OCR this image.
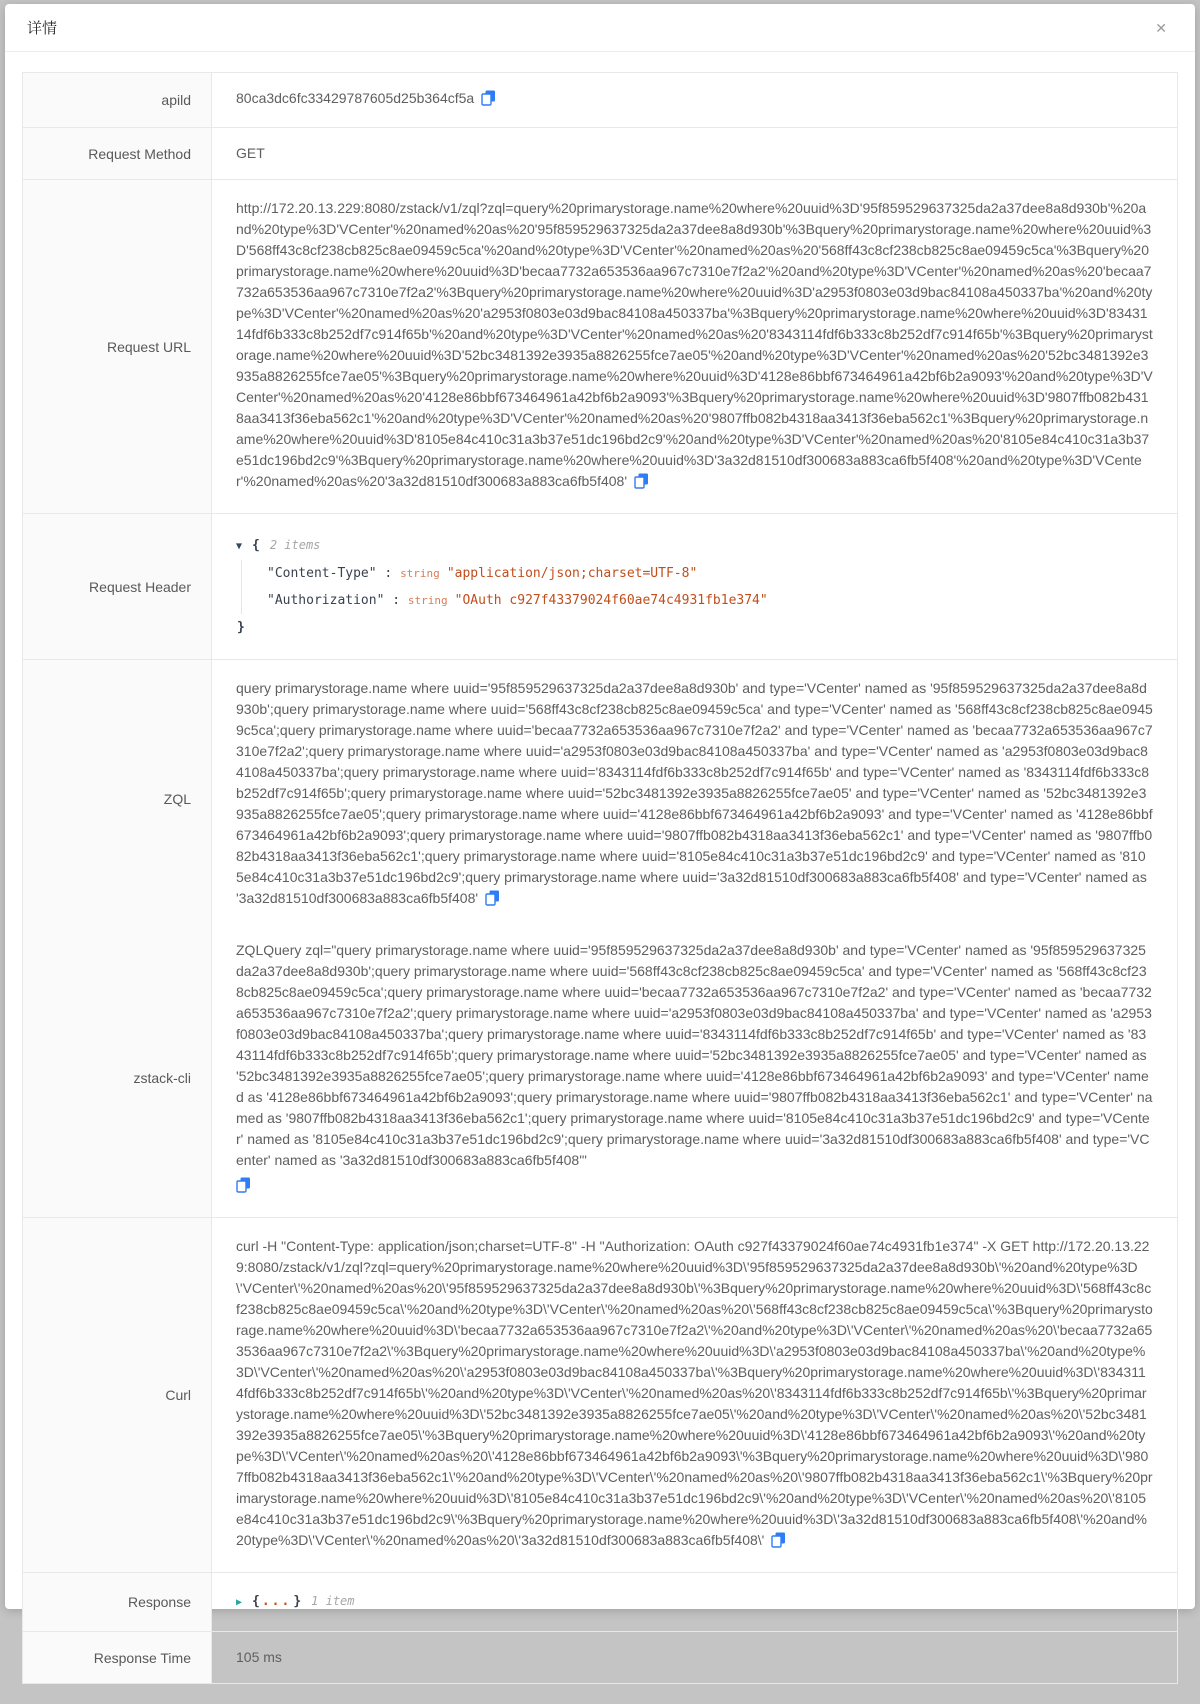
详情	✕
apild	80ca3dc6fc33429787605d25b364cf5a
Request Method	GET
Request URL	http://172.20.13.229:8080/zstack/v1/zql?zql=query%20primarystorage.name%20where%20uuid%3D'95f859529637325da2a37dee8a8d930b'%20and%20type%3D'VCenter'%20named%20as%20'95f859529637325da2a37dee8a8d930b'%3Bquery%20primarystorage.name%20where%20uuid%3D'568ff43c8cf238cb825c8ae09459c5ca'%20and%20type%3D'VCenter'%20named%20as%20'568ff43c8cf238cb825c8ae09459c5ca'%3Bquery%20primarystorage.name%20where%20uuid%3D'becaa7732a653536aa967c7310e7f2a2'%20and%20type%3D'VCenter'%20named%20as%20'becaa7732a653536aa967c7310e7f2a2'%3Bquery%20primarystorage.name%20where%20uuid%3D'a2953f0803e03d9bac84108a450337ba'%20and%20type%3D'VCenter'%20named%20as%20'a2953f0803e03d9bac84108a450337ba'%3Bquery%20primarystorage.name%20where%20uuid%3D'8343114fdf6b333c8b252df7c914f65b'%20and%20type%3D'VCenter'%20named%20as%20'8343114fdf6b333c8b252df7c914f65b'%3Bquery%20primarystorage.name%20where%20uuid%3D'52bc3481392e3935a8826255fce7ae05'%20and%20type%3D'VCenter'%20named%20as%20'52bc3481392e3935a8826255fce7ae05'%3Bquery%20primarystorage.name%20where%20uuid%3D'4128e86bbf673464961a42bf6b2a9093'%20and%20type%3D'VCenter'%20named%20as%20'4128e86bbf673464961a42bf6b2a9093'%3Bquery%20primarystorage.name%20where%20uuid%3D'9807ffb082b4318aa3413f36eba562c1'%20and%20type%3D'VCenter'%20named%20as%20'9807ffb082b4318aa3413f36eba562c1'%3Bquery%20primarystorage.name%20where%20uuid%3D'8105e84c410c31a3b37e51dc196bd2c9'%20and%20type%3D'VCenter'%20named%20as%20'8105e84c410c31a3b37e51dc196bd2c9'%3Bquery%20primarystorage.name%20where%20uuid%3D'3a32d81510df300683a883ca6fb5f408'%20and%20type%3D'VCenter'%20named%20as%20'3a32d81510df300683a883ca6fb5f408'
Request Header	▼ { 2 items
" Content-Type " : string " application/json;charset=UTF-8 "
" Authorization " : string " OAuth c927f43379024f60ae74c4931fb1e374 "
}

ZQL	query primarystorage.name where uuid='95f859529637325da2a37dee8a8d930b' and type='VCenter' named as '95f859529637325da2a37dee8a8d930b';query primarystorage.name where uuid='568ff43c8cf238cb825c8ae09459c5ca' and type='VCenter' named as '568ff43c8cf238cb825c8ae09459c5ca';query primarystorage.name where uuid='becaa7732a653536aa967c7310e7f2a2' and type='VCenter' named as 'becaa7732a653536aa967c7310e7f2a2';query primarystorage.name where uuid='a2953f0803e03d9bac84108a450337ba' and type='VCenter' named as 'a2953f0803e03d9bac84108a450337ba';query primarystorage.name where uuid='8343114fdf6b333c8b252df7c914f65b' and type='VCenter' named as '8343114fdf6b333c8b252df7c914f65b';query primarystorage.name where uuid='52bc3481392e3935a8826255fce7ae05' and type='VCenter' named as '52bc3481392e3935a8826255fce7ae05';query primarystorage.name where uuid='4128e86bbf673464961a42bf6b2a9093' and type='VCenter' named as '4128e86bbf673464961a42bf6b2a9093';query primarystorage.name where uuid='9807ffb082b4318aa3413f36eba562c1' and type='VCenter' named as '9807ffb082b4318aa3413f36eba562c1';query primarystorage.name where uuid='8105e84c410c31a3b37e51dc196bd2c9' and type='VCenter' named as '8105e84c410c31a3b37e51dc196bd2c9';query primarystorage.name where uuid='3a32d81510df300683a883ca6fb5f408' and type='VCenter' named as '3a32d81510df300683a883ca6fb5f408'
zstack-cli	ZQLQuery zql="query primarystorage.name where uuid='95f859529637325da2a37dee8a8d930b' and type='VCenter' named as '95f859529637325da2a37dee8a8d930b';query primarystorage.name where uuid='568ff43c8cf238cb825c8ae09459c5ca' and type='VCenter' named as '568ff43c8cf238cb825c8ae09459c5ca';query primarystorage.name where uuid='becaa7732a653536aa967c7310e7f2a2' and type='VCenter' named as 'becaa7732a653536aa967c7310e7f2a2';query primarystorage.name where uuid='a2953f0803e03d9bac84108a450337ba' and type='VCenter' named as 'a2953f0803e03d9bac84108a450337ba';query primarystorage.name where uuid='8343114fdf6b333c8b252df7c914f65b' and type='VCenter' named as '8343114fdf6b333c8b252df7c914f65b';query primarystorage.name where uuid='52bc3481392e3935a8826255fce7ae05' and type='VCenter' named as '52bc3481392e3935a8826255fce7ae05';query primarystorage.name where uuid='4128e86bbf673464961a42bf6b2a9093' and type='VCenter' named as '4128e86bbf673464961a42bf6b2a9093';query primarystorage.name where uuid='9807ffb082b4318aa3413f36eba562c1' and type='VCenter' named as '9807ffb082b4318aa3413f36eba562c1';query primarystorage.name where uuid='8105e84c410c31a3b37e51dc196bd2c9' and type='VCenter' named as '8105e84c410c31a3b37e51dc196bd2c9';query primarystorage.name where uuid='3a32d81510df300683a883ca6fb5f408' and type='VCenter' named as '3a32d81510df300683a883ca6fb5f408'"

Curl	curl -H "Content-Type: application/json;charset=UTF-8" -H "Authorization: OAuth c927f43379024f60ae74c4931fb1e374" -X GET http://172.20.13.229:8080/zstack/v1/zql?zql=query%20primarystorage.name%20where%20uuid%3D\'95f859529637325da2a37dee8a8d930b\'%20and%20type%3D\'VCenter\'%20named%20as%20\'95f859529637325da2a37dee8a8d930b\'%3Bquery%20primarystorage.name%20where%20uuid%3D\'568ff43c8cf238cb825c8ae09459c5ca\'%20and%20type%3D\'VCenter\'%20named%20as%20\'568ff43c8cf238cb825c8ae09459c5ca\'%3Bquery%20primarystorage.name%20where%20uuid%3D\'becaa7732a653536aa967c7310e7f2a2\'%20and%20type%3D\'VCenter\'%20named%20as%20\'becaa7732a653536aa967c7310e7f2a2\'%3Bquery%20primarystorage.name%20where%20uuid%3D\'a2953f0803e03d9bac84108a450337ba\'%20and%20type%3D\'VCenter\'%20named%20as%20\'a2953f0803e03d9bac84108a450337ba\'%3Bquery%20primarystorage.name%20where%20uuid%3D\'8343114fdf6b333c8b252df7c914f65b\'%20and%20type%3D\'VCenter\'%20named%20as%20\'8343114fdf6b333c8b252df7c914f65b\'%3Bquery%20primarystorage.name%20where%20uuid%3D\'52bc3481392e3935a8826255fce7ae05\'%20and%20type%3D\'VCenter\'%20named%20as%20\'52bc3481392e3935a8826255fce7ae05\'%3Bquery%20primarystorage.name%20where%20uuid%3D\'4128e86bbf673464961a42bf6b2a9093\'%20and%20type%3D\'VCenter\'%20named%20as%20\'4128e86bbf673464961a42bf6b2a9093\'%3Bquery%20primarystorage.name%20where%20uuid%3D\'9807ffb082b4318aa3413f36eba562c1\'%20and%20type%3D\'VCenter\'%20named%20as%20\'9807ffb082b4318aa3413f36eba562c1\'%3Bquery%20primarystorage.name%20where%20uuid%3D\'8105e84c410c31a3b37e51dc196bd2c9\'%20and%20type%3D\'VCenter\'%20named%20as%20\'8105e84c410c31a3b37e51dc196bd2c9\'%3Bquery%20primarystorage.name%20where%20uuid%3D\'3a32d81510df300683a883ca6fb5f408\'%20and%20type%3D\'VCenter\'%20named%20as%20\'3a32d81510df300683a883ca6fb5f408\'
Response	▶ { ... } 1 item

Response Time	105 ms
